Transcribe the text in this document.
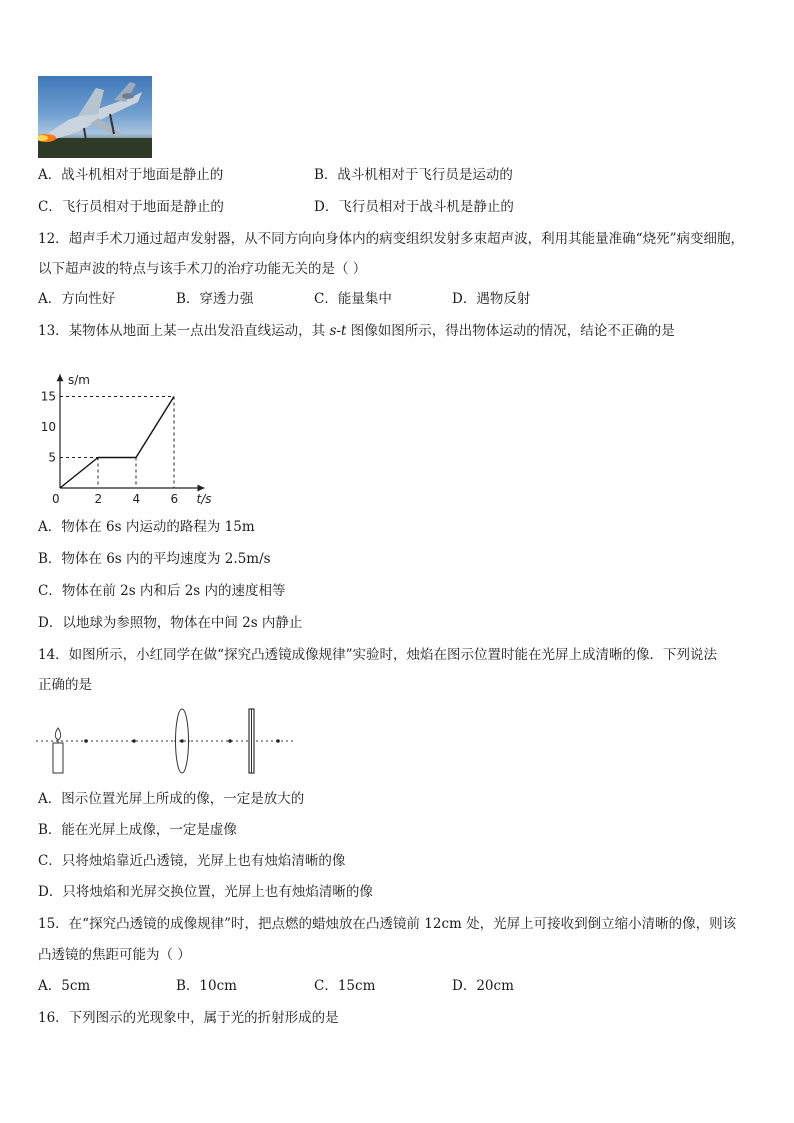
A．战斗机相对于地面是静止的	B．战斗机相对于飞行员是运动的
C．飞行员相对于地面是静止的	D．飞行员相对于战斗机是静止的
12．超声手术刀通过超声发射器，从不同方向向身体内的病变组织发射多束超声波，利用其能量准确“烧死”病变细胞，
以下超声波的特点与该手术刀的治疗功能无关的是（ ）
A．方向性好	B．穿透力强	C．能量集中	D．遇物反射
13．某物体从地面上某一点出发沿直线运动，其 s-t 图像如图所示，得出物体运动的情况，结论不正确的是
s/m
t/s
0	2	4	6
5
10
15
A．物体在 6s 内运动的路程为 15m
B．物体在 6s 内的平均速度为 2.5m/s
C．物体在前 2s 内和后 2s 内的速度相等
D．以地球为参照物，物体在中间 2s 内静止
14．如图所示，小红同学在做“探究凸透镜成像规律”实验时，烛焰在图示位置时能在光屏上成清晰的像．下列说法
正确的是
A．图示位置光屏上所成的像，一定是放大的
B．能在光屏上成像，一定是虚像
C．只将烛焰靠近凸透镜，光屏上也有烛焰清晰的像
D．只将烛焰和光屏交换位置，光屏上也有烛焰清晰的像
15．在“探究凸透镜的成像规律”时，把点燃的蜡烛放在凸透镜前 12cm 处，光屏上可接收到倒立缩小清晰的像，则该
凸透镜的焦距可能为（ ）
A．5cm	B．10cm	C．15cm	D．20cm
16．下列图示的光现象中，属于光的折射形成的是
